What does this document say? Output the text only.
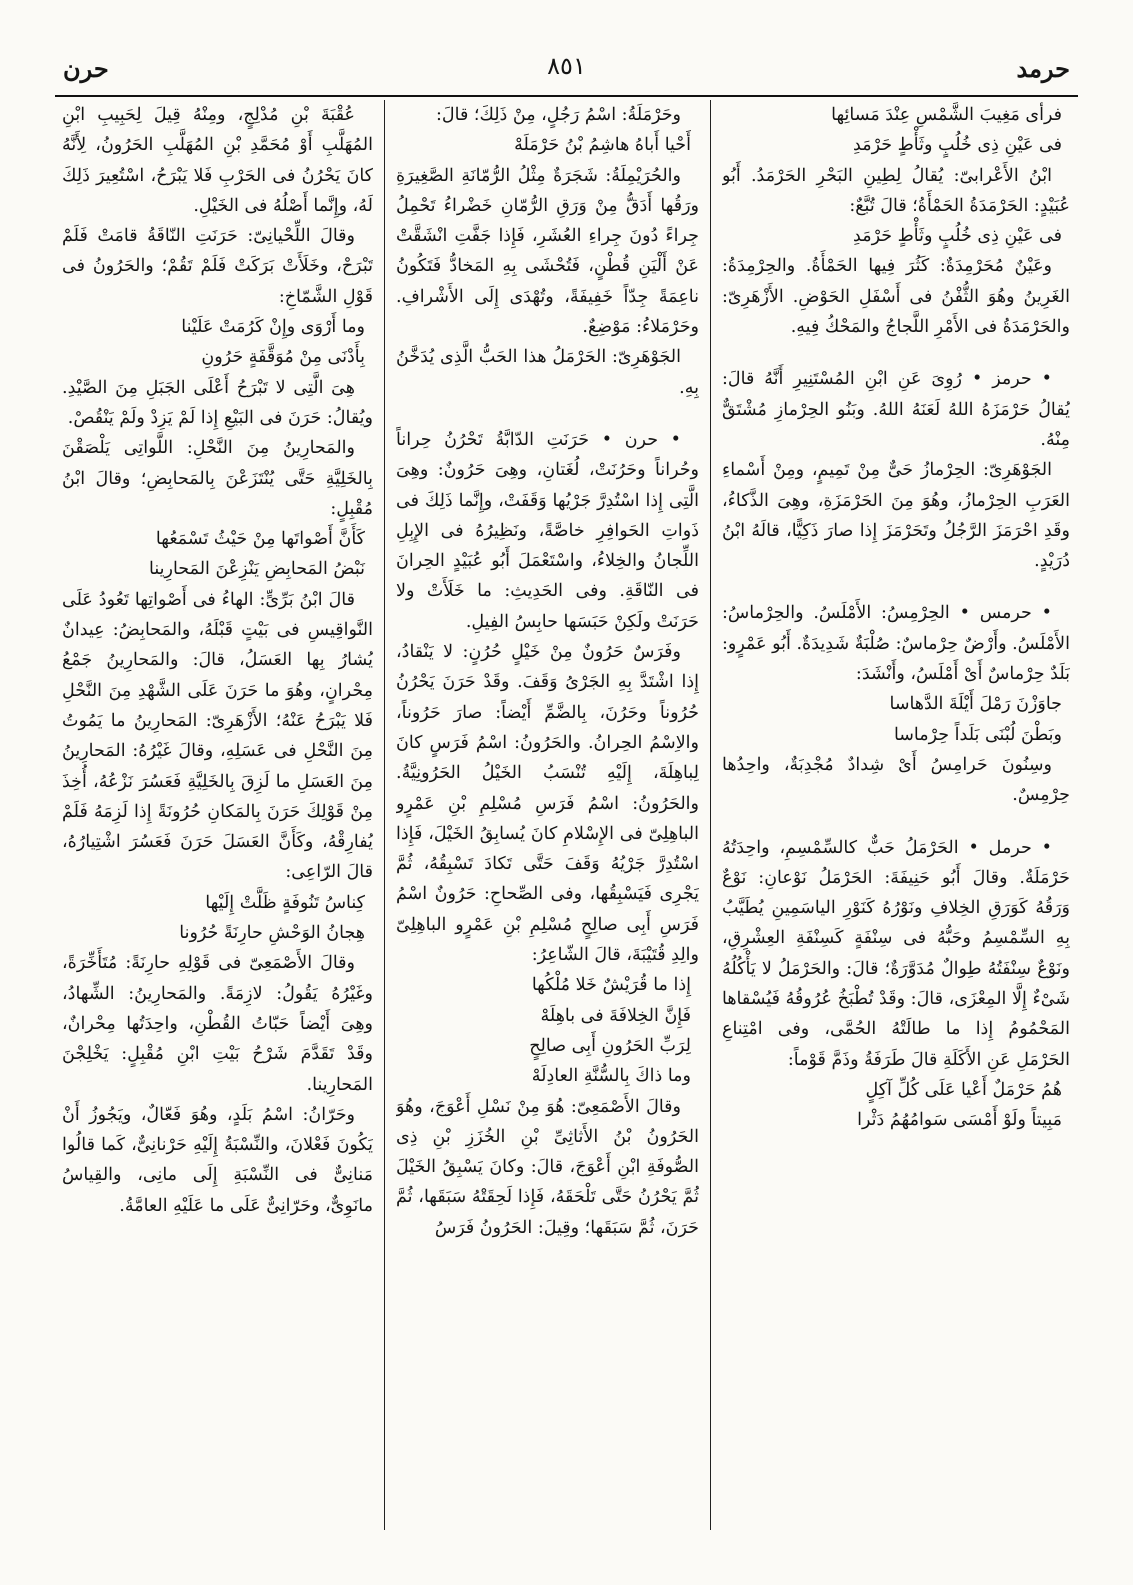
حرمد
٨٥١
حرن

فرأى مَغِيبَ الشَّمْسِ عِنْدَ مَسائِها

فى عَيْنِ ذِى خُلُبٍ وثَأْطٍ حَرْمَدِ

ابْنُ الأَعْرابىّ: يُقالُ لِطِينِ البَحْرِ الحَرْمَدُ. أَبُو عُبَيْدٍ: الحَرْمَدَةُ الحَمْأَةُ؛ قالَ تُبَّعٌ:

فى عَيْنِ ذِى خُلُبٍ وثَأْطٍ حَرْمَدِ

وعَيْنٌ مُحَرْمِدَةٌ: كَثُرَ فِيها الحَمْأَةُ. والحِرْمِدَةُ: الغَرِينُ وهُوَ الثُّفْنُ فى أَسْفَلِ الحَوْضِ. الأَزْهَرِىّ: والحَرْمَدَةُ فى الأَمْرِ اللَّجاجُ والمَحْكُ فِيهِ.

• حرمز • رُوِىَ عَنِ ابْنِ المُسْتَنِيرِ أَنَّهُ قالَ: يُقالُ حَرْمَزَهُ اللهُ لَعَنَهُ اللهُ. وبَنُو الحِرْمازِ مُشْتَقٌّ مِنْهُ.

الجَوْهَرِىّ: الحِرْمازُ حَىٌّ مِنْ تَمِيمٍ، ومِنْ أَسْماءِ العَرَبِ الحِرْمازُ، وهُوَ مِنَ الحَرْمَزَةِ، وهِىَ الذَّكاءُ، وقَدِ احْرَمَزَ الرَّجُلُ وتَحَرْمَزَ إِذا صارَ ذَكِيًّا، قالَهُ ابْنُ دُرَيْدٍ.

• حرمس • الحِرْمِسُ: الأَمْلَسُ. والحِرْماسُ: الأَمْلَسُ. وأَرْضٌ حِرْماسٌ: صُلْبَةٌ شَدِيدَةٌ. أَبُو عَمْرٍو: بَلَدٌ حِرْماسٌ أَىْ أَمْلَسُ، وأَنْشَدَ:

جاوَزْنَ رَمْلَ أَيْلَةَ الدَّهاسا

وبَطْنَ لُبْنَى بَلَداً حِرْماسا

وسِنُونَ حَرامِسُ أَىْ شِدادٌ مُجْدِبَةٌ، واحِدُها حِرْمِسٌ.

• حرمل • الحَرْمَلُ حَبٌّ كالسِّمْسِمِ، واحِدَتُهُ حَرْمَلَةٌ. وقالَ أَبُو حَنِيفَةَ: الحَرْمَلُ نَوْعانِ: نَوْعٌ وَرَقُهُ كَوَرَقِ الخِلافِ ونَوْرُهُ كَنَوْرِ الياسَمِينِ يُطَيَّبُ بِهِ السِّمْسِمُ وحَبُّهُ فى سِنْفَةٍ كَسِنْفَةِ العِشْرِقِ، ونَوْعٌ سِنْفَتُهُ طِوالٌ مُدَوَّرَةٌ؛ قالَ: والحَرْمَلُ لا يَأْكُلُهُ شَىْءٌ إِلَّا المِعْزَى، قالَ: وقَدْ تُطْبَخُ عُرُوقُهُ فَيُسْقاها المَحْمُومُ إِذا ما طالَتْهُ الحُمَّى، وفى امْتِناعِ الحَرْمَلِ عَنِ الأَكَلَةِ قالَ طَرَفَةُ وذَمَّ قَوْماً:

هُمُ حَرْمَلٌ أَعْيا عَلَى كُلِّ آكِلٍ

مَبِيتاً ولَوْ أَمْسَى سَوامُهُمُ دَثْرا

وحَرْمَلَةُ: اسْمُ رَجُلٍ، مِنْ ذَلِكَ؛ قالَ:

أَحْيا أَباهُ هاشِمُ بْنُ حَرْمَلَهْ

والحُرَيْمِلَةُ: شَجَرَةٌ مِثْلُ الرُّمّانَةِ الصَّغِيرَةِ ورَقُها أَدَقُّ مِنْ وَرَقِ الرُّمّانِ خَضْراءُ تَحْمِلُ جِراءً دُونَ جِراءِ العُشَرِ، فَإِذا جَفَّتِ انْشَقَّتْ عَنْ أَلْيَنِ قُطْنٍ، فَتُحْشَى بِهِ المَخادُّ فَتَكُونُ ناعِمَةً جِدّاً خَفِيفَةً، وتُهْدَى إِلَى الأَشْرافِ. وحَرْمَلاءُ: مَوْضِعٌ.

الجَوْهَرِىّ: الحَرْمَلُ هذا الحَبُّ الَّذِى يُدَخَّنُ بِهِ.

• حرن • حَرَنَتِ الدّابَّةُ تَحْرُنُ حِراناً وحُراناً وحَرُنَتْ، لُغَتانِ، وهِىَ حَرُونٌ: وهِىَ الَّتِى إِذا اسْتُدِرَّ جَرْيُها وَقَفَتْ، وإِنَّما ذَلِكَ فى ذَواتِ الحَوافِرِ خاصَّةً، ونَظِيرُهُ فى الإِبِلِ اللِّجانُ والخِلاءُ، واسْتَعْمَلَ أَبُو عُبَيْدٍ الحِرانَ فى النّاقَةِ. وفى الحَدِيثِ: ما خَلَأَتْ ولا حَرَنَتْ ولَكِنْ حَبَسَها حابِسُ الفِيلِ.

وفَرَسٌ حَرُونٌ مِنْ خَيْلٍ حُرُنٍ: لا يَنْقادُ، إِذا اشْتَدَّ بِهِ الجَرْىُ وَقَفَ. وقَدْ حَرَنَ يَحْرُنُ حُرُوناً وحَرُنَ، بِالضَّمِّ أَيْضاً: صارَ حَرُوناً، والاِسْمُ الحِرانُ. والحَرُونُ: اسْمُ فَرَسٍ كانَ لِباهِلَةَ، إِلَيْهِ تُنْسَبُ الخَيْلُ الحَرُونِيَّةُ. والحَرُونُ: اسْمُ فَرَسِ مُسْلِمِ بْنِ عَمْرٍو الباهِلِىّ فى الإِسْلامِ كانَ يُسابِقُ الخَيْلَ، فَإِذا اسْتُدِرَّ جَرْيُهُ وَقَفَ حَتَّى تَكادَ تَسْبِقُهُ، ثُمَّ يَجْرِى فَيَسْبِقُها، وفى الصِّحاحِ: حَرُونٌ اسْمُ فَرَسِ أَبِى صالِحٍ مُسْلِمِ بْنِ عَمْرٍو الباهِلِىّ والِدِ قُتَيْبَةَ، قالَ الشّاعِرُ:

إِذا ما قُرَيْشٌ خَلا مُلْكُها

فَإِنَّ الخِلافَةَ فى باهِلَهْ

لِرَبِّ الحَرُونِ أَبِى صالِحٍ

وما ذاكَ بِالسُّنَّةِ العادِلَهْ

وقالَ الأَصْمَعِىّ: هُوَ مِنْ نَسْلِ أَعْوَجَ، وهُوَ الحَرُونُ بْنُ الأَثاثِىِّ بْنِ الخُزَزِ بْنِ ذِى الصُّوفَةِ ابْنِ أَعْوَجَ، قالَ: وكانَ يَسْبِقُ الخَيْلَ ثُمَّ يَحْرُنُ حَتَّى تَلْحَقَهُ، فَإِذا لَحِقَتْهُ سَبَقَها، ثُمَّ حَرَنَ، ثُمَّ سَبَقَها؛ وقِيلَ: الحَرُونُ فَرَسُ

عُقْبَةَ بْنِ مُدْلِجٍ، ومِنْهُ قِيلَ لِحَبِيبِ ابْنِ المُهَلَّبِ أَوْ مُحَمَّدِ بْنِ المُهَلَّبِ الحَرُونُ، لِأَنَّهُ كانَ يَحْرُنُ فى الحَرْبِ فَلا يَبْرَحُ، اسْتُعِيرَ ذَلِكَ لَهُ، وإِنَّما أَصْلُهُ فى الخَيْلِ.

وقالَ اللِّحْيانِىّ: حَرَنَتِ النّاقَةُ قامَتْ فَلَمْ تَبْرَحْ، وخَلَأَتْ بَرَكَتْ فَلَمْ تَقُمْ؛ والحَرُونُ فى قَوْلِ الشَّمّاخِ:

وما أَرْوَى وإِنْ كَرُمَتْ عَلَيْنا

بِأَدْنَى مِنْ مُوَقَّفَةٍ حَرُونِ

هِىَ الَّتِى لا تَبْرَحُ أَعْلَى الجَبَلِ مِنَ الصَّيْدِ. ويُقالُ: حَرَنَ فى البَيْعِ إِذا لَمْ يَزِدْ ولَمْ يَنْقُصْ.

والمَحارِينُ مِنَ النَّحْلِ: اللَّواتِى يَلْصَقْنَ بِالخَلِيَّةِ حَتَّى يُنْتَزَعْنَ بِالمَحابِضِ؛ وقالَ ابْنُ مُقْبِلٍ:

كَأَنَّ أَصْواتَها مِنْ حَيْثُ تَسْمَعُها

نَبْضُ المَحابِضِ يَنْزِعْنَ المَحارِينا

قالَ ابْنُ بَرِّىٍّ: الهاءُ فى أَصْواتِها تَعُودُ عَلَى النَّواقِيسِ فى بَيْتٍ قَبْلَهُ، والمَحابِضُ: عِيدانٌ يُشارُ بِها العَسَلُ، قالَ: والمَحارِينُ جَمْعُ مِحْرانٍ، وهُوَ ما حَرَنَ عَلَى الشَّهْدِ مِنَ النَّحْلِ فَلا يَبْرَحُ عَنْهُ؛ الأَزْهَرِىّ: المَحارِينُ ما يَمُوتُ مِنَ النَّحْلِ فى عَسَلِهِ، وقالَ غَيْرُهُ: المَحارِينُ مِنَ العَسَلِ ما لَزِقَ بِالخَلِيَّةِ فَعَسُرَ نَزْعُهُ، أُخِذَ مِنْ قَوْلِكَ حَرَنَ بِالمَكانِ حُرُونَةً إِذا لَزِمَهُ فَلَمْ يُفارِقْهُ، وكَأَنَّ العَسَلَ حَرَنَ فَعَسُرَ اشْتِيارُهُ، قالَ الرّاعِى:

كِناسُ تَنُوفَةٍ ظَلَّتْ إِلَيْها

هِجانُ الوَحْشِ حارِنَةً حُرُونا

وقالَ الأَصْمَعِىّ فى قَوْلِهِ حارِنَةً: مُتَأَخِّرَةً، وغَيْرُهُ يَقُولُ: لازِمَةً. والمَحارِينُ: الشِّهادُ، وهِىَ أَيْضاً حَبّاتُ القُطْنِ، واحِدَتُها مِحْرانٌ، وقَدْ تَقَدَّمَ شَرْحُ بَيْتِ ابْنِ مُقْبِلٍ: يَخْلِجْنَ المَحارِينا.

وحَرّانُ: اسْمُ بَلَدٍ، وهُوَ فَعّالٌ، ويَجُوزُ أَنْ يَكُونَ فَعْلانَ، والنِّسْبَةُ إِلَيْهِ حَرْنانِىٌّ، كَما قالُوا مَنانِىٌّ فى النِّسْبَةِ إِلَى مانِى، والقِياسُ مانَوِىٌّ، وحَرّانِىٌّ عَلَى ما عَلَيْهِ العامَّةُ.
